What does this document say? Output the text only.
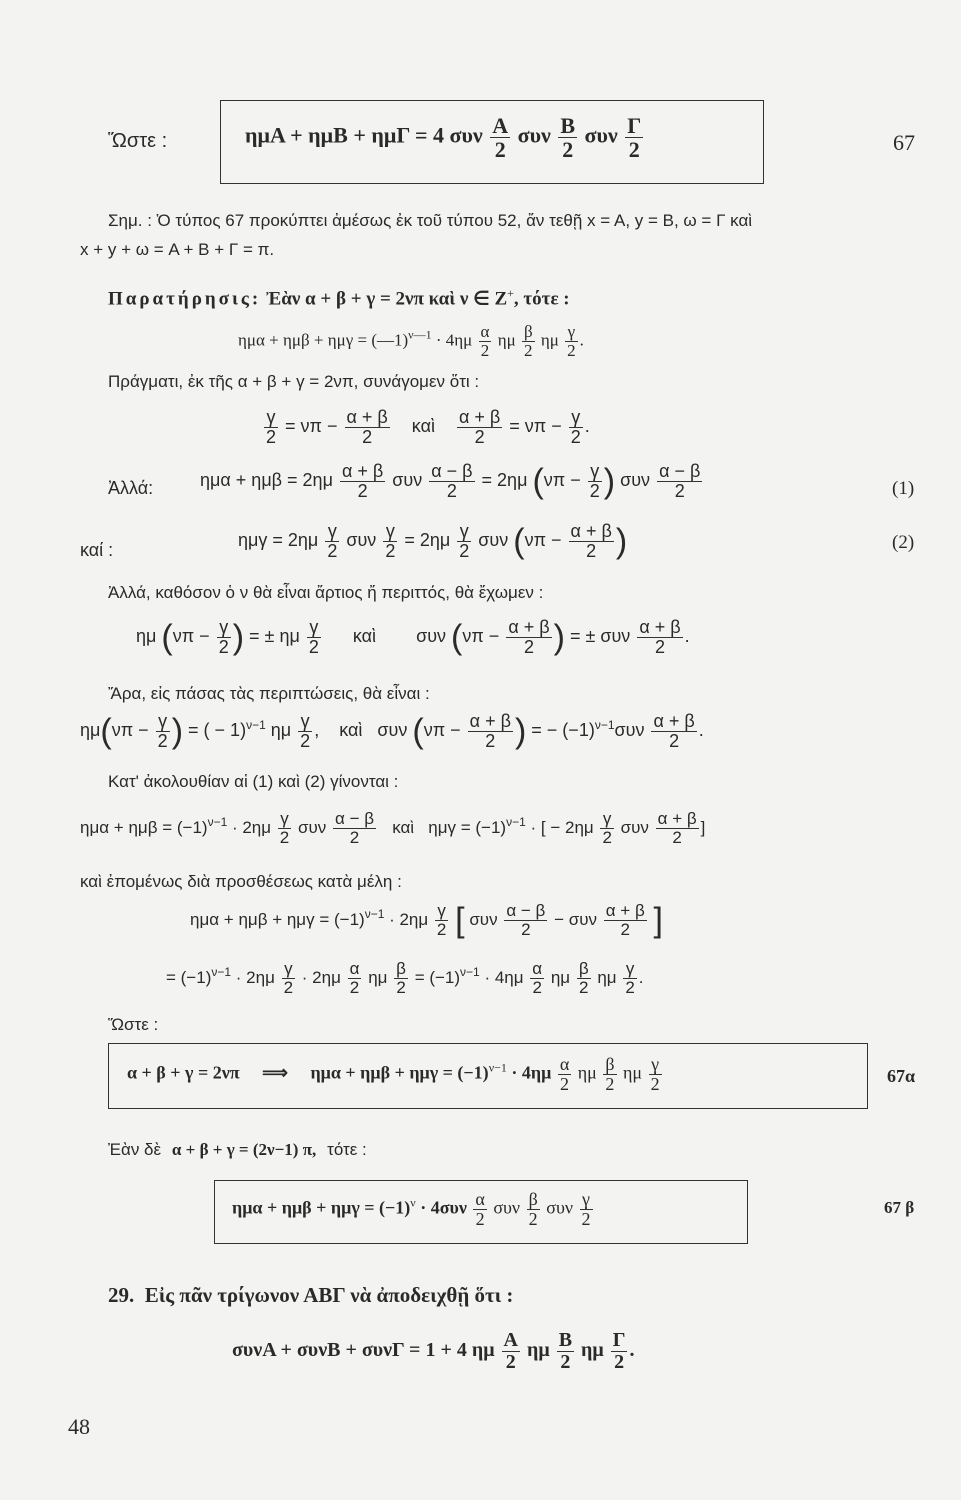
Ὥστε :	ημΑ + ημΒ + ημΓ = 4 συν $\frac{A}{2}$ συν $\frac{B}{2}$ συν $\frac{\Gamma}{2}$	67
Σημ. : Ὁ τύπος 67 προκύπτει ἀμέσως ἐκ τοῦ τύπου 52, ἄν τεθῇ x = A, y = B, ω = Γ καὶ
x + y + ω = A + B + Γ = π.
Παρατήρησις: Ἐὰν α + β + γ = 2νπ καὶ ν ∈ Z+, τότε :
ημα + ημβ + ημγ = (—1)$^{\nu—1}$ · $4\eta\mu \frac{\alpha}{2}$ ημ $\frac{\beta}{2}$ ημ $\frac{\gamma}{2}$ .
Πράγματι, ἐκ τῆς α + β + γ = 2νπ, συνάγομεν ὅτι :
$\frac{\gamma}{2} = \nu\pi - \frac{\alpha + \beta}{2}$ καὶ $\frac{\alpha + \beta}{2} = \nu\pi - \frac{\gamma}{2}$ .
Ἀλλά:	$\eta\mu\alpha + \eta\mu\beta = 2\eta\mu \frac{\alpha + \beta}{2}$ συν $\frac{\alpha - \beta}{2} = 2\eta\mu$ ($\nu\pi - \frac{\gamma}{2}$ ) συν $\frac{\alpha - \beta}{2}$	(1)
καί :	$\eta\mu\gamma = 2\eta\mu \frac{\gamma}{2}$ συν $\frac{\gamma}{2} = 2\eta\mu \frac{\gamma}{2}$ συν ($\nu\pi - \frac{\alpha + \beta}{2}$ )	(2)
Ἀλλά, καθόσον ὁ ν θὰ εἶναι ἄρτιος ἤ περιττός, θὰ ἔχωμεν :
ημ ($\nu\pi - \frac{\gamma}{2}$ ) = ± ημ $\frac{\gamma}{2}$ καὶ συν ($\nu\pi - \frac{\alpha + \beta}{2}$ ) = ± συν $\frac{\alpha + \beta}{2}$ .
Ἄρα, εἰς πάσας τὰς περιπτώσεις, θὰ εἶναι :
$\eta\mu(\nu\pi - \frac{\gamma}{2}$ ) = ( − 1)$^{\nu-1}$ ημ $\frac{\gamma}{2}$ ,    καὶ συν ($\nu\pi - \frac{\alpha + \beta}{2}$ ) = − $(-1)^{\nu-1}\sigma\upsilon\nu \frac{\alpha + \beta}{2}$ .
Κατ' ἀκολουθίαν αἱ (1) καὶ (2) γίνονται :
$\eta\mu\alpha + \eta\mu\beta = (-1)^{\nu-1} \cdot 2\eta\mu \frac{\gamma}{2}$ συν $\frac{\alpha - \beta}{2}$ καὶ $\eta\mu\gamma = (-1)^{\nu-1}$ · [ − $2\eta\mu \frac{\gamma}{2}$ συν $\frac{\alpha + \beta}{2}$ ]
καὶ ἐπομένως διὰ προσθέσεως κατὰ μέλη :
$\eta\mu\alpha + \eta\mu\beta + \eta\mu\gamma = (-1)^{\nu-1} \cdot 2\eta\mu \frac{\gamma}{2}$ [ συν $\frac{\alpha - \beta}{2} - \sigma\upsilon\nu \frac{\alpha + \beta}{2}$ ]
= $(-1)^{\nu-1} \cdot 2\eta\mu \frac{\gamma}{2} \cdot 2\eta\mu \frac{\alpha}{2}$ ημ $\frac{\beta}{2} = (-1)^{\nu-1} \cdot 4\eta\mu \frac{\alpha}{2}$ ημ $\frac{\beta}{2}$ ημ $\frac{\gamma}{2}$ .
Ὥστε :
α + β + γ = 2νπ ⟹ $\eta\mu\alpha + \eta\mu\beta + \eta\mu\gamma = (-1)^{\nu-1} \cdot 4\eta\mu \frac{\alpha}{2}$ ημ $\frac{\beta}{2}$ ημ $\frac{\gamma}{2}$	67α
Ἐὰν δὲ α + β + γ = (2ν−1) π, τότε :
$\eta\mu\alpha + \eta\mu\beta + \eta\mu\gamma = (-1)^\nu \cdot 4\sigma\upsilon\nu \frac{\alpha}{2}$ συν $\frac{\beta}{2}$ συν $\frac{\gamma}{2}$	67 β
29. Εἰς πᾶν τρίγωνον ΑΒΓ νὰ ἀποδειχθῇ ὅτι :
συνΑ + συνΒ + συνΓ = 1 + 4 ημ $\frac{A}{2}$ ημ $\frac{B}{2}$ ημ $\frac{\Gamma}{2}$ .
48
